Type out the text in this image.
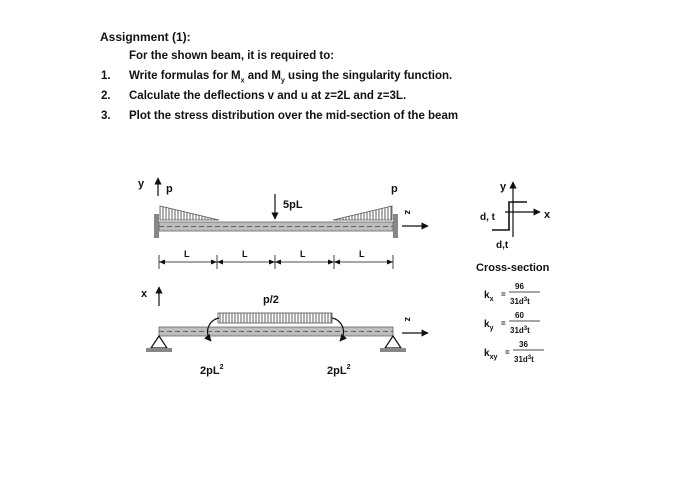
Assignment (1):
For the shown beam, it is required to:
1. Write formulas for $M_x$ and $M_y$ using the singularity function.
2. Calculate the deflections v and u at z=2L and z=3L.
3. Plot the stress distribution over the mid-section of the beam
y p	p
5pL
z
L	L	L	L
x	p/2
$2pL^2$	$2pL^2$
z
y
x
d, t
d,t
Cross-section
$k_x$
=
96
$31d^3t$
$k_y$
=
60
$31d^3t$
$k_{xy}$
=
36
$31d^3t$
